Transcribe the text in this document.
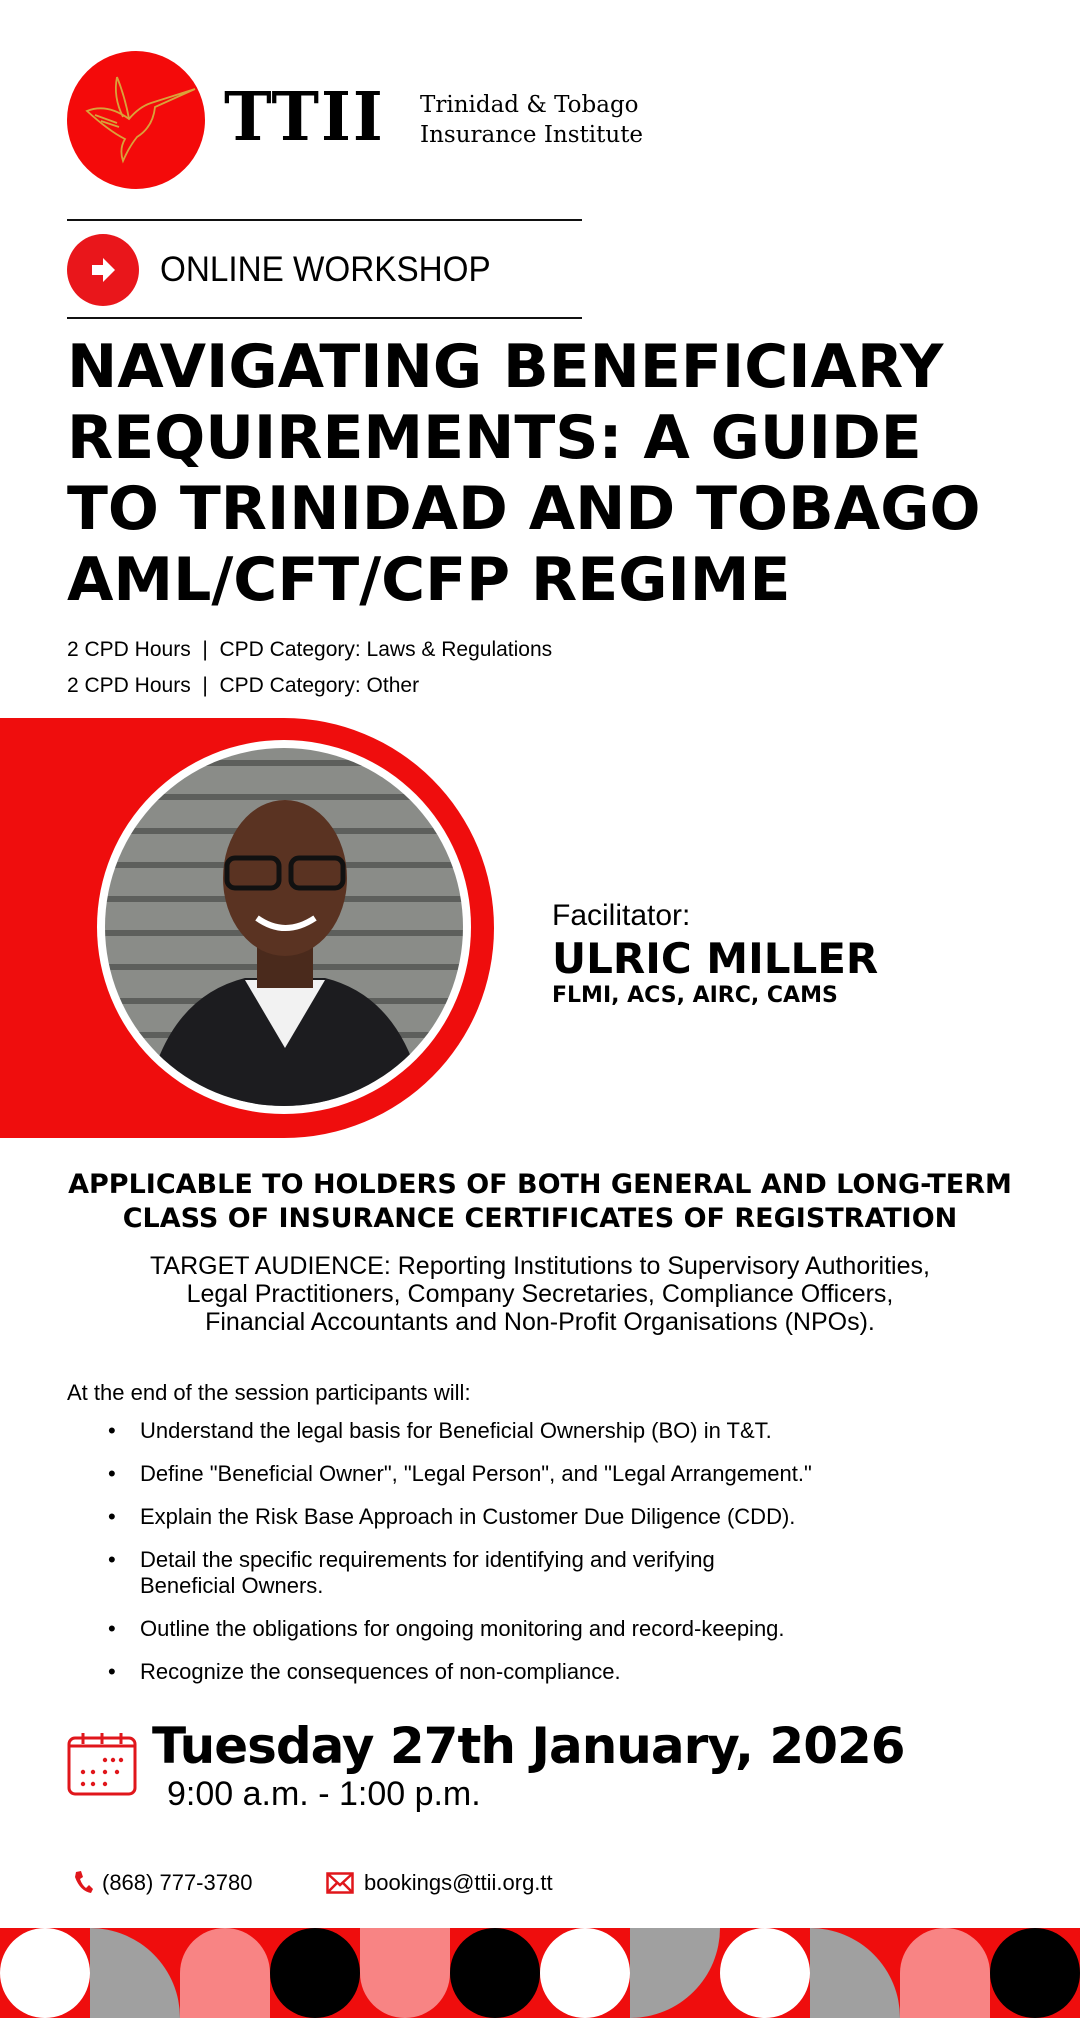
TTII Trinidad & Tobago
Insurance Institute
ONLINE WORKSHOP
NAVIGATING BENEFICIARY
REQUIREMENTS: A GUIDE
TO TRINIDAD AND TOBAGO
AML/CFT/CFP REGIME
2 CPD Hours  |  CPD Category: Laws & Regulations
2 CPD Hours  |  CPD Category: Other
Facilitator:
ULRIC MILLER
FLMI, ACS, AIRC, CAMS
APPLICABLE TO HOLDERS OF BOTH GENERAL AND LONG-TERM
CLASS OF INSURANCE CERTIFICATES OF REGISTRATION
TARGET AUDIENCE: Reporting Institutions to Supervisory Authorities,
Legal Practitioners, Company Secretaries, Compliance Officers,
Financial Accountants and Non-Profit Organisations (NPOs).
At the end of the session participants will:
• Understand the legal basis for Beneficial Ownership (BO) in T&T.
• Define "Beneficial Owner", "Legal Person", and "Legal Arrangement."
• Explain the Risk Base Approach in Customer Due Diligence (CDD).
• Detail the specific requirements for identifying and verifying Beneficial Owners.
• Outline the obligations for ongoing monitoring and record-keeping.
• Recognize the consequences of non-compliance.
Tuesday 27th January, 2026
9:00 a.m. - 1:00 p.m.
(868) 777-3780	bookings@ttii.org.tt
